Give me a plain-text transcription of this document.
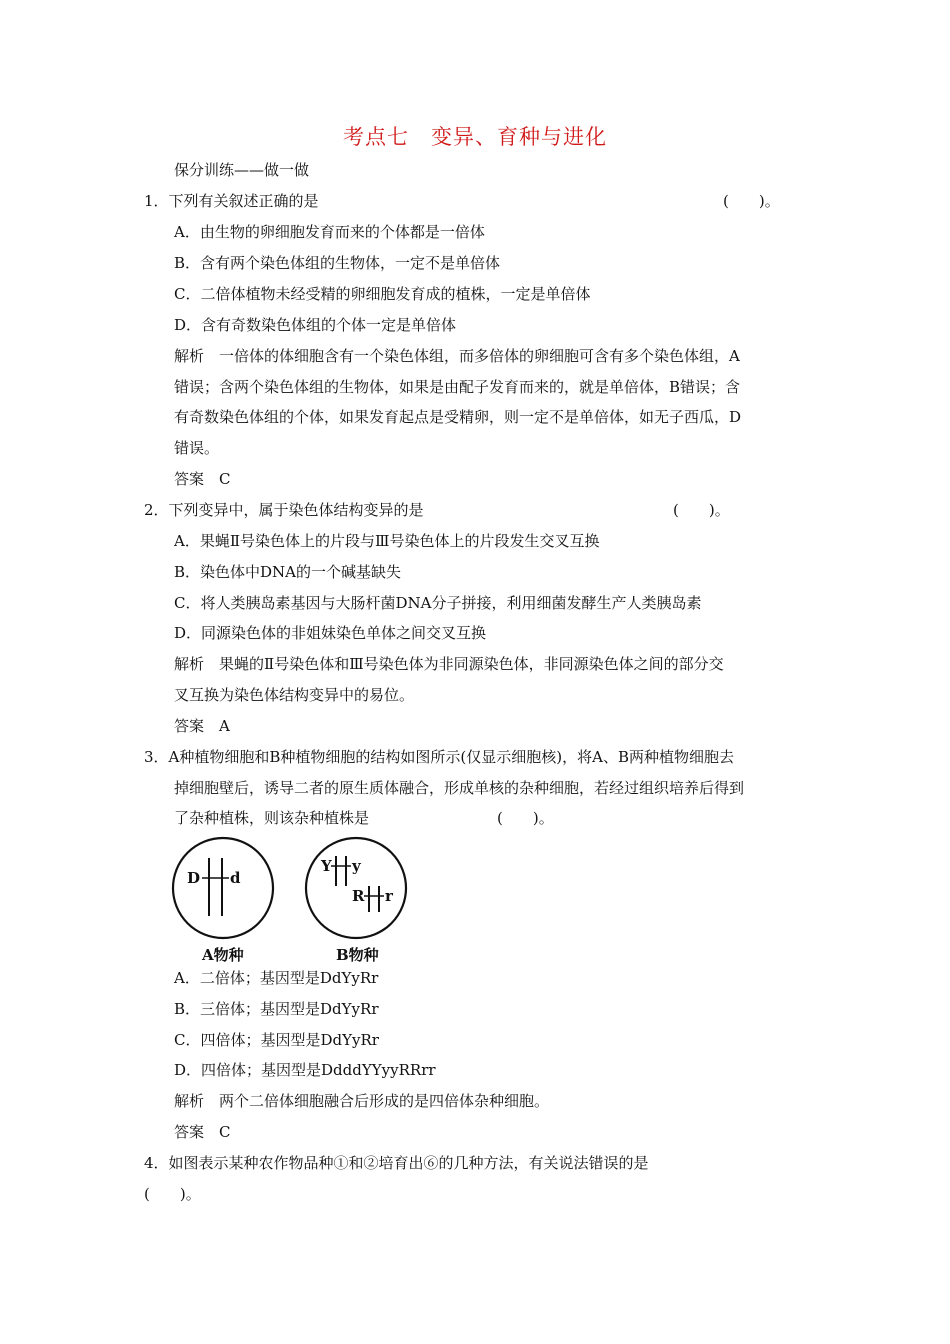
考点七　变异、育种与进化
保分训练——做一做
1．下列有关叙述正确的是	(　　)。
A．由生物的卵细胞发育而来的个体都是一倍体
B．含有两个染色体组的生物体，一定不是单倍体
C．二倍体植物未经受精的卵细胞发育成的植株，一定是单倍体
D．含有奇数染色体组的个体一定是单倍体
解析　一倍体的体细胞含有一个染色体组，而多倍体的卵细胞可含有多个染色体组，A
错误；含两个染色体组的生物体，如果是由配子发育而来的，就是单倍体，B错误；含
有奇数染色体组的个体，如果发育起点是受精卵，则一定不是单倍体，如无子西瓜，D
错误。
答案　C
2．下列变异中，属于染色体结构变异的是	(　　)。
A．果蝇Ⅱ号染色体上的片段与Ⅲ号染色体上的片段发生交叉互换
B．染色体中DNA的一个碱基缺失
C．将人类胰岛素基因与大肠杆菌DNA分子拼接，利用细菌发酵生产人类胰岛素
D．同源染色体的非姐妹染色单体之间交叉互换
解析　果蝇的Ⅱ号染色体和Ⅲ号染色体为非同源染色体，非同源染色体之间的部分交
叉互换为染色体结构变异中的易位。
答案　A
3．A种植物细胞和B种植物细胞的结构如图所示(仅显示细胞核)，将A、B两种植物细胞去
掉细胞壁后，诱导二者的原生质体融合，形成单核的杂种细胞，若经过组织培养后得到
了杂种植株，则该杂种植株是	(　　)。
D d
Y y
R r
A物种	B物种
A．二倍体；基因型是DdYyRr
B．三倍体；基因型是DdYyRr
C．四倍体；基因型是DdYyRr
D．四倍体；基因型是DdddYYyyRRrr
解析　两个二倍体细胞融合后形成的是四倍体杂种细胞。
答案　C
4．如图表示某种农作物品种①和②培育出⑥的几种方法，有关说法错误的是
(　　)。
